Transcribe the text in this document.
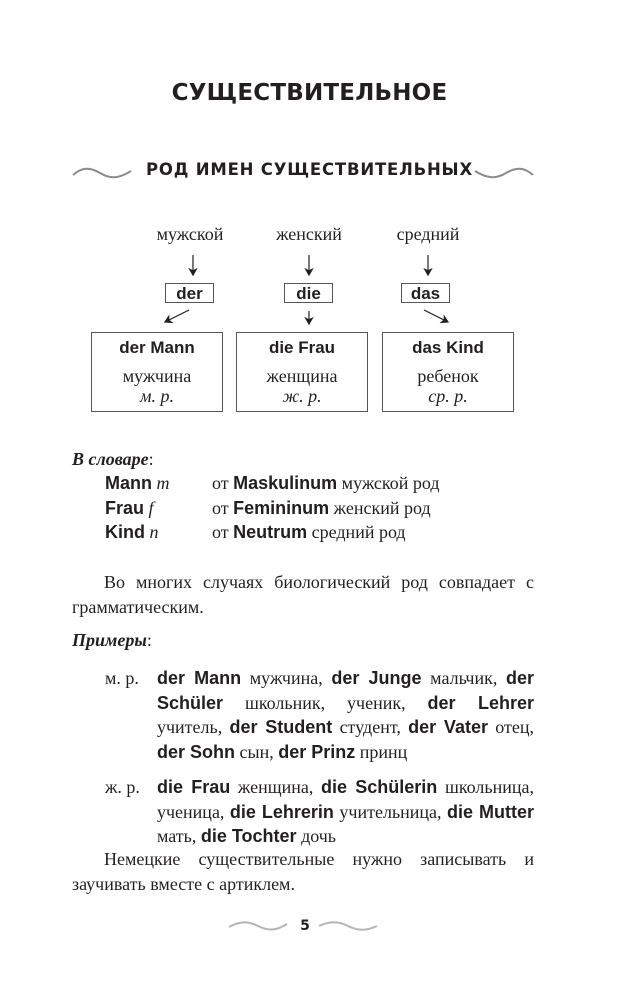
СУЩЕСТВИТЕЛЬНОЕ
РОД ИМЕН СУЩЕСТВИТЕЛЬНЫХ
мужской
der
der Mann
мужчина
м. р.
женский
die
die Frau
женщина
ж. р.
средний
das
das Kind
ребенок
ср. р.
В словаре:
Mann m от Maskulinum мужской род
Frau f	от Femininum женский род
Kind n	от Neutrum средний род
Во многих случаях биологический род совпадает с грамматическим.
Примеры:
м. р. der Mann мужчина, der Junge мальчик, der Schüler школьник, ученик, der Lehrer учитель, der Student студент, der Vater отец, der Sohn сын, der Prinz принц
ж. р. die Frau женщина, die Schülerin школьница, ученица, die Lehrerin учительница, die Mutter мать, die Tochter дочь
Немецкие существительные нужно записывать и заучивать вместе с артиклем.
5
